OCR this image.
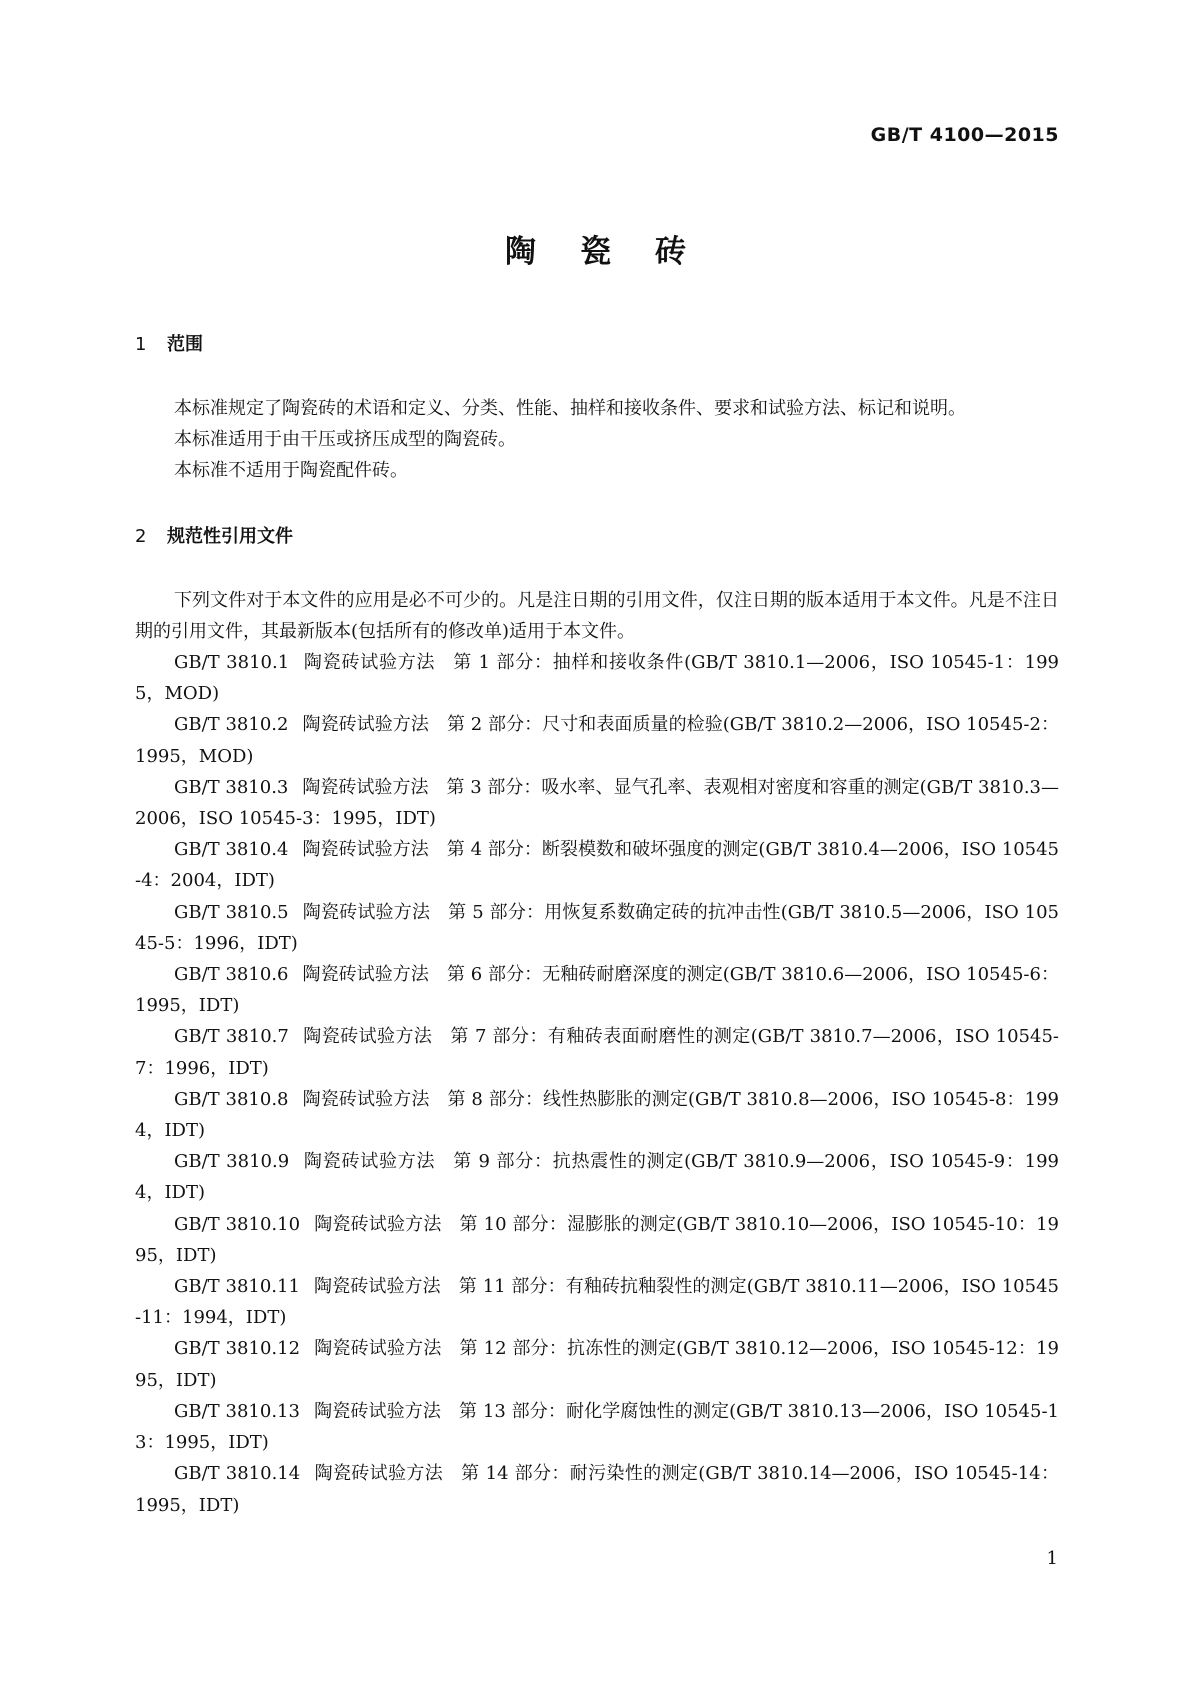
GB/T 4100—2015
陶瓷砖
1 范围

本标准规定了陶瓷砖的术语和定义、分类、性能、抽样和接收条件、要求和试验方法、标记和说明。

本标准适用于由干压或挤压成型的陶瓷砖。

本标准不适用于陶瓷配件砖。

2 规范性引用文件

下列文件对于本文件的应用是必不可少的。凡是注日期的引用文件，仅注日期的版本适用于本文件。凡是不注日期的引用文件，其最新版本(包括所有的修改单)适用于本文件。

GB/T 3810.1 陶瓷砖试验方法 第 1 部分：抽样和接收条件(GB/T 3810.1—2006，ISO 10545-1：1995，MOD)

GB/T 3810.2 陶瓷砖试验方法 第 2 部分：尺寸和表面质量的检验(GB/T 3810.2—2006，ISO 10545-2：1995，MOD)

GB/T 3810.3 陶瓷砖试验方法 第 3 部分：吸水率、显气孔率、表观相对密度和容重的测定(GB/T 3810.3—2006，ISO 10545-3：1995，IDT)

GB/T 3810.4 陶瓷砖试验方法 第 4 部分：断裂模数和破坏强度的测定(GB/T 3810.4—2006，ISO 10545-4：2004，IDT)

GB/T 3810.5 陶瓷砖试验方法 第 5 部分：用恢复系数确定砖的抗冲击性(GB/T 3810.5—2006，ISO 10545-5：1996，IDT)

GB/T 3810.6 陶瓷砖试验方法 第 6 部分：无釉砖耐磨深度的测定(GB/T 3810.6—2006，ISO 10545-6：1995，IDT)

GB/T 3810.7 陶瓷砖试验方法 第 7 部分：有釉砖表面耐磨性的测定(GB/T 3810.7—2006，ISO 10545-7：1996，IDT)

GB/T 3810.8 陶瓷砖试验方法 第 8 部分：线性热膨胀的测定(GB/T 3810.8—2006，ISO 10545-8：1994，IDT)

GB/T 3810.9 陶瓷砖试验方法 第 9 部分：抗热震性的测定(GB/T 3810.9—2006，ISO 10545-9：1994，IDT)

GB/T 3810.10 陶瓷砖试验方法 第 10 部分：湿膨胀的测定(GB/T 3810.10—2006，ISO 10545-10：1995，IDT)

GB/T 3810.11 陶瓷砖试验方法 第 11 部分：有釉砖抗釉裂性的测定(GB/T 3810.11—2006，ISO 10545-11：1994，IDT)

GB/T 3810.12 陶瓷砖试验方法 第 12 部分：抗冻性的测定(GB/T 3810.12—2006，ISO 10545-12：1995，IDT)

GB/T 3810.13 陶瓷砖试验方法 第 13 部分：耐化学腐蚀性的测定(GB/T 3810.13—2006，ISO 10545-13：1995，IDT)

GB/T 3810.14 陶瓷砖试验方法 第 14 部分：耐污染性的测定(GB/T 3810.14—2006，ISO 10545-14：1995，IDT)

1
